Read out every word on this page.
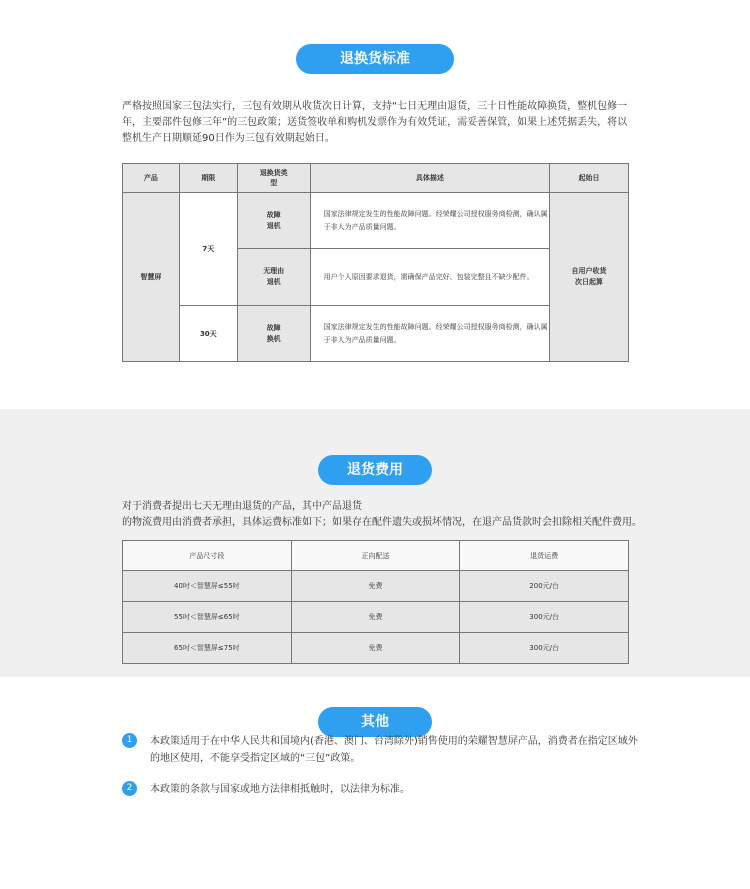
退换货标准
严格按照国家三包法实行，三包有效期从收货次日计算，支持“七日无理由退货，三十日性能故障换货，整机包修一年，主要部件包修三年”的三包政策；送货签收单和购机发票作为有效凭证，需妥善保管，如果上述凭据丢失，将以整机生产日期顺延90日作为三包有效期起始日。
产品	期限	退换货类型	具体描述	起始日
智慧屏	7天	故障退机	国家法律规定发生的性能故障问题。经荣耀公司授权服务商检测，确认属于非人为产品质量问题。	自用户收货次日起算
		无理由退机	用户个人原因要求退货，需确保产品完好、包装完整且不缺少配件。	
	30天	故障换机	国家法律规定发生的性能故障问题。经荣耀公司授权服务商检测，确认属于非人为产品质量问题。	
退货费用
对于消费者提出七天无理由退货的产品，其中产品退货
的物流费用由消费者承担，具体运费标准如下；如果存在配件遗失或损坏情况，在退产品货款时会扣除相关配件费用。
产品尺寸段	正向配送	退货运费
40吋＜智慧屏≤55吋	免费	200元/台
55吋＜智慧屏≤65吋	免费	300元/台
65吋＜智慧屏≤75吋	免费	300元/台
其他
1	本政策适用于在中华人民共和国境内(香港、澳门、台湾除外)销售使用的荣耀智慧屏产品，消费者在指定区域外的地区使用，不能享受指定区域的“三包”政策。
2	本政策的条款与国家或地方法律相抵触时，以法律为标准。
